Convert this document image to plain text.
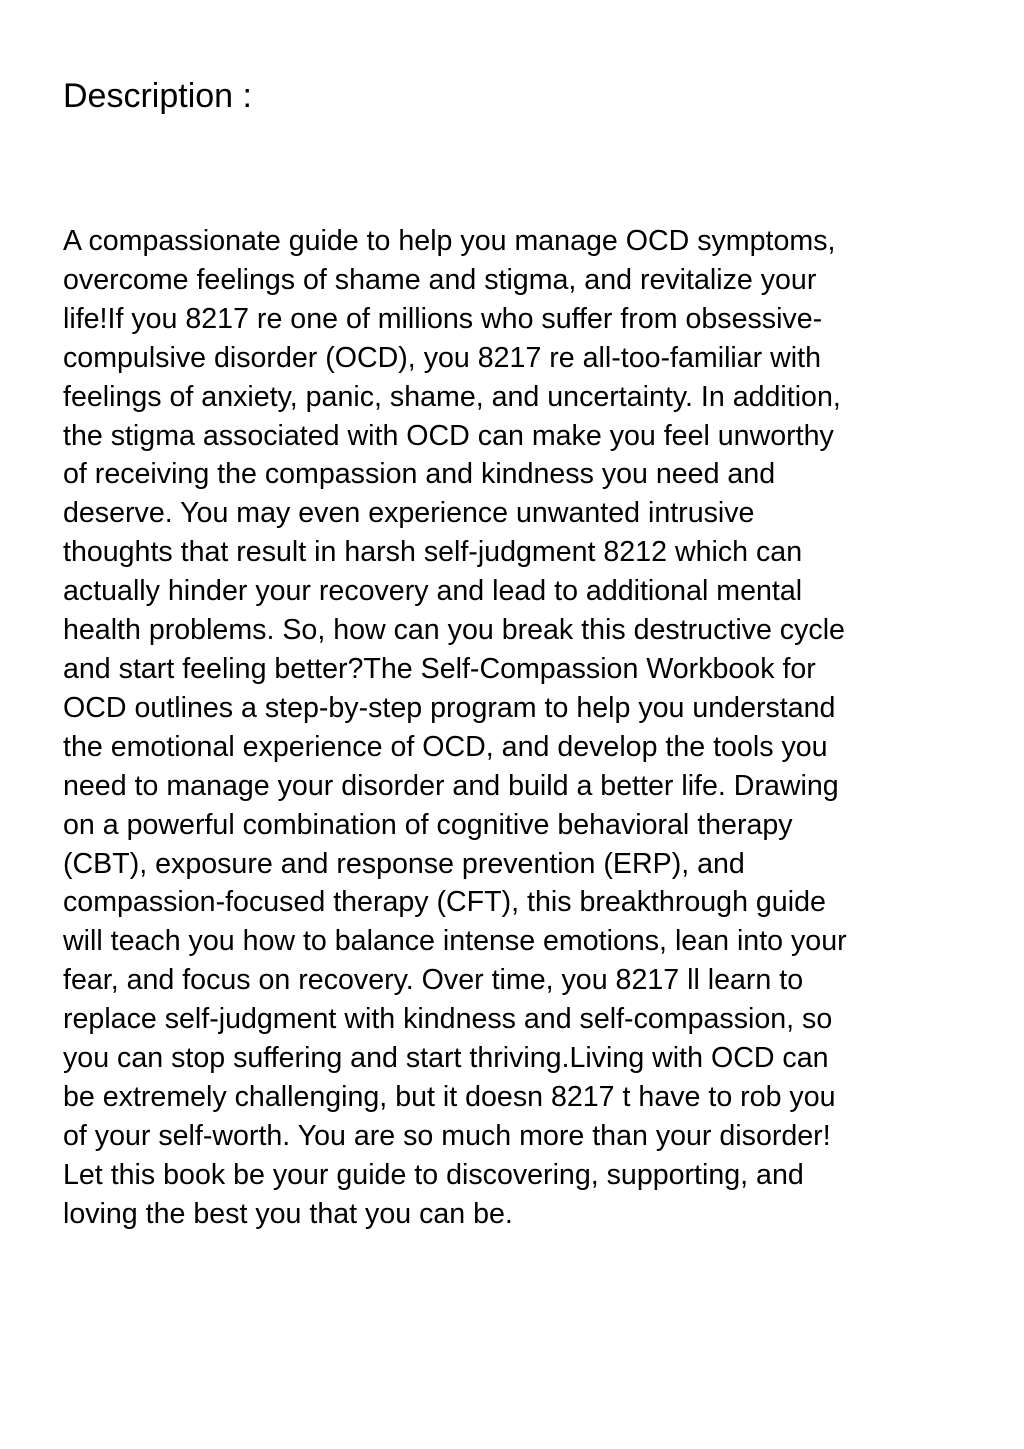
Description :
A compassionate guide to help you manage OCD symptoms,
overcome feelings of shame and stigma, and revitalize your
life!If you 8217 re one of millions who suffer from obsessive-
compulsive disorder (OCD), you 8217 re all-too-familiar with
feelings of anxiety, panic, shame, and uncertainty. In addition,
the stigma associated with OCD can make you feel unworthy
of receiving the compassion and kindness you need and
deserve. You may even experience unwanted intrusive
thoughts that result in harsh self-judgment 8212 which can
actually hinder your recovery and lead to additional mental
health problems. So, how can you break this destructive cycle
and start feeling better?The Self-Compassion Workbook for
OCD outlines a step-by-step program to help you understand
the emotional experience of OCD, and develop the tools you
need to manage your disorder and build a better life. Drawing
on a powerful combination of cognitive behavioral therapy
(CBT), exposure and response prevention (ERP), and
compassion-focused therapy (CFT), this breakthrough guide
will teach you how to balance intense emotions, lean into your
fear, and focus on recovery. Over time, you 8217 ll learn to
replace self-judgment with kindness and self-compassion, so
you can stop suffering and start thriving.Living with OCD can
be extremely challenging, but it doesn 8217 t have to rob you
of your self-worth. You are so much more than your disorder!
Let this book be your guide to discovering, supporting, and
loving the best you that you can be.
